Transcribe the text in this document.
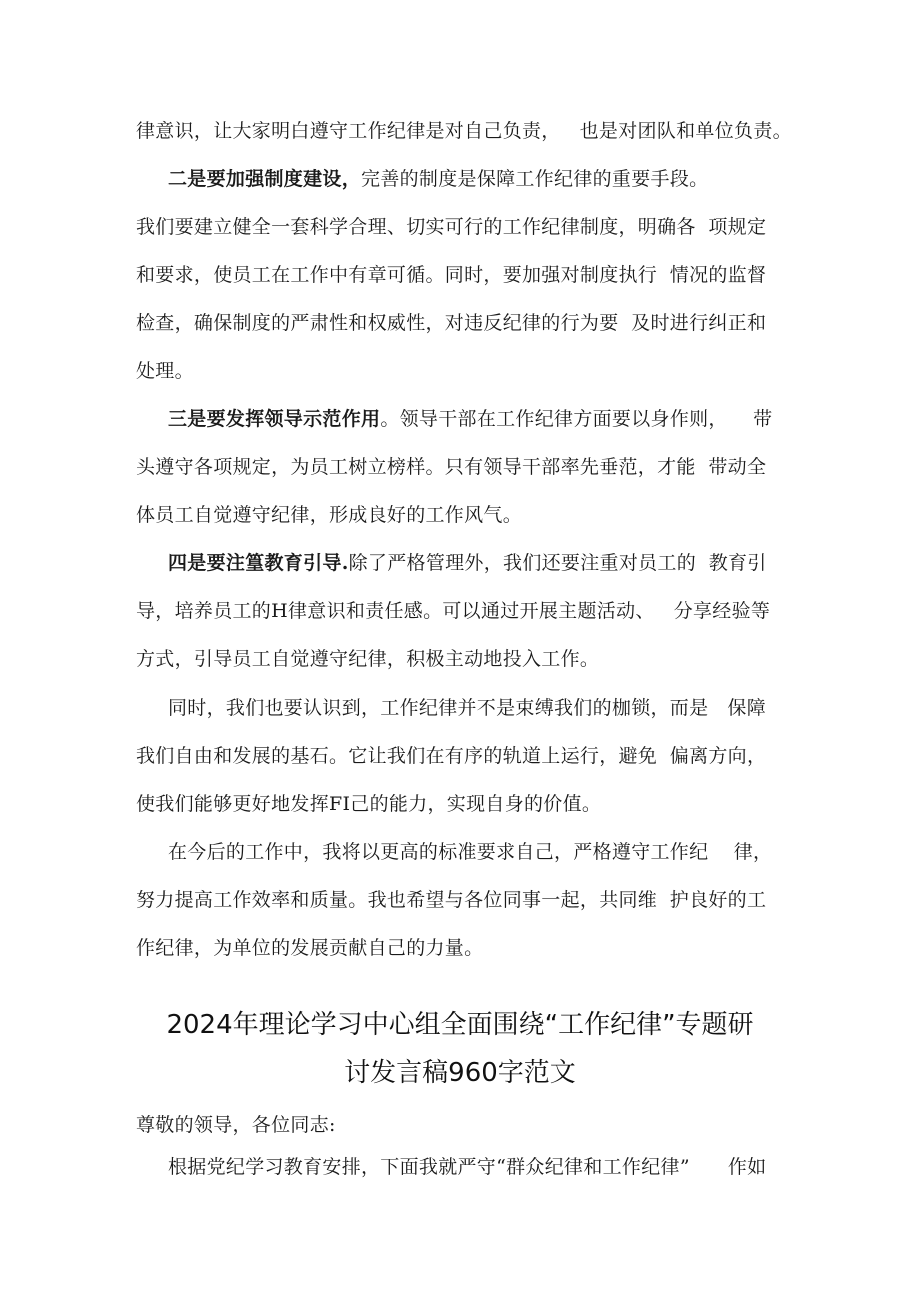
律意识，让大家明白遵守工作纪律是对自己负责，   也是对团队和单位负责。
二是要加强制度建设，完善的制度是保障工作纪律的重要手段。
我们要建立健全一套科学合理、切实可行的工作纪律制度，明确各  项规定
和要求，使员工在工作中有章可循。同时，要加强对制度执行  情况的监督
检查，确保制度的严肃性和权威性，对违反纪律的行为要  及时进行纠正和
处理。
三是要发挥领导示范作用。领导干部在工作纪律方面要以身作则，    带
头遵守各项规定，为员工树立榜样。只有领导干部率先垂范，才能  带动全
体员工自觉遵守纪律，形成良好的工作风气。
四是要注篁教育引导.除了严格管理外，我们还要注重对员工的  教育引
导，培养员工的H律意识和责任感。可以通过开展主题活动、   分享经验等
方式，引导员工自觉遵守纪律，积极主动地投入工作。
同时，我们也要认识到，工作纪律并不是束缚我们的枷锁，而是   保障
我们自由和发展的基石。它让我们在有序的轨道上运行，避免  偏离方向，
使我们能够更好地发挥FI己的能力，实现自身的价值。
在今后的工作中，我将以更高的标准要求自己，严格遵守工作纪    律，
努力提高工作效率和质量。我也希望与各位同事一起，共同维  护良好的工
作纪律，为单位的发展贡献自己的力量。
2024年理论学习中心组全面围绕“工作纪律”专题研
讨发言稿960字范文
尊敬的领导，各位同志:
根据党纪学习教育安排，下面我就严守“群众纪律和工作纪律”      作如
